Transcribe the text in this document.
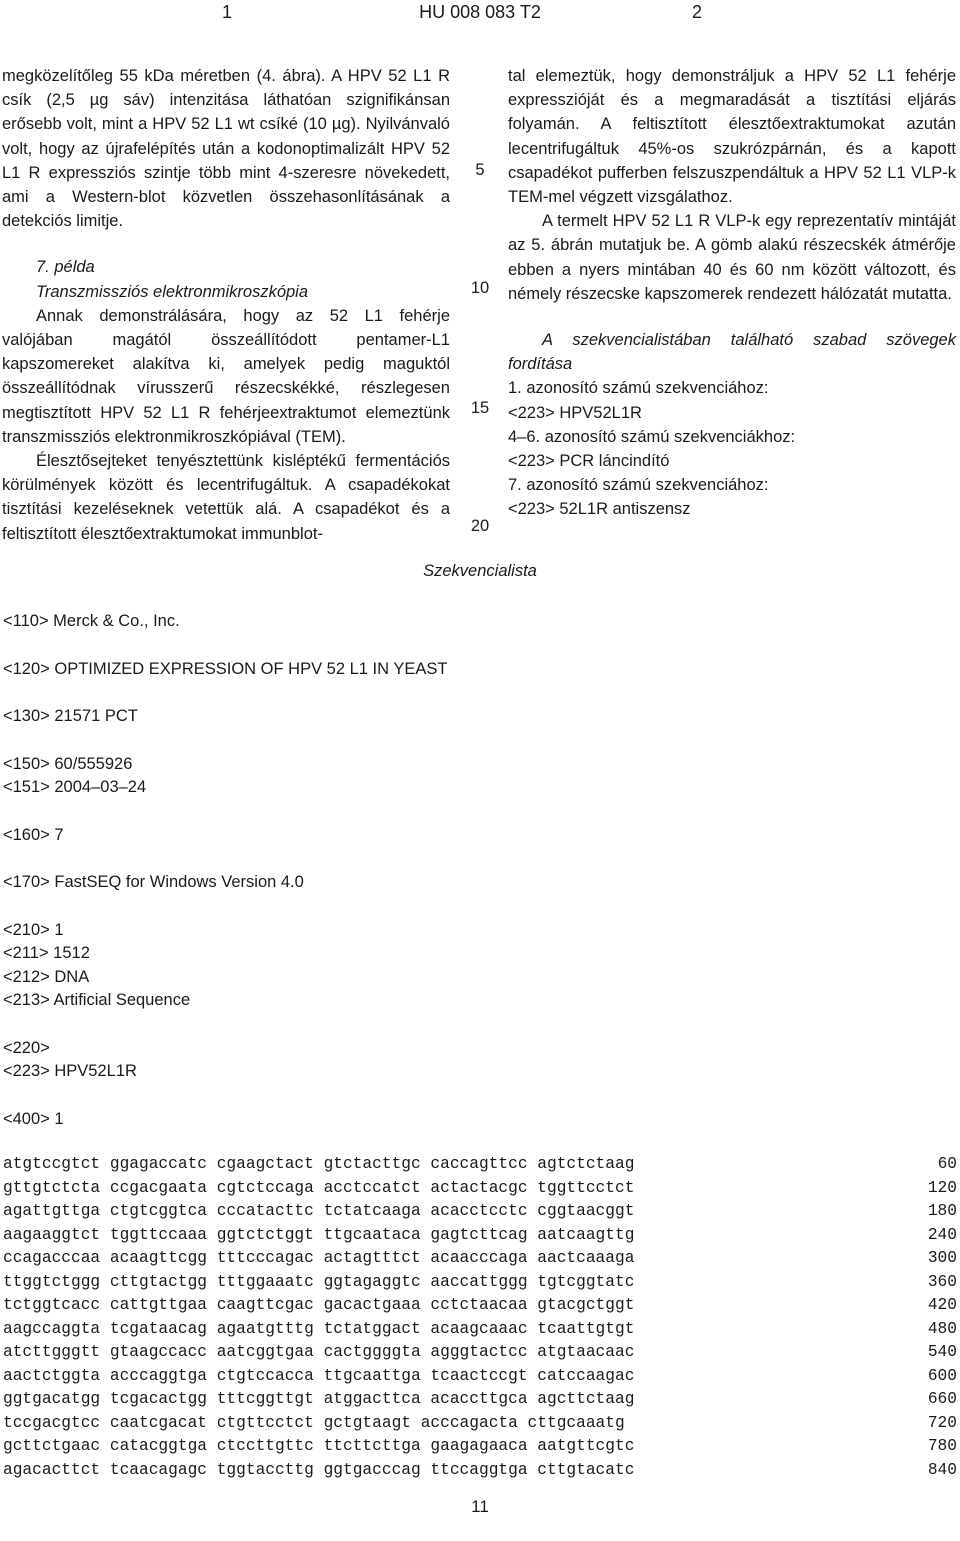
1	HU 008 083 T2	2

megközelítőleg 55 kDa méretben (4. ábra). A HPV 52 L1 R csík (2,5 µg sáv) intenzitása láthatóan szignifikánsan erősebb volt, mint a HPV 52 L1 wt csíké (10 µg). Nyilvánvaló volt, hogy az újrafelépítés után a kodonoptimalizált HPV 52 L1 R expressziós szintje több mint 4-szeresre növekedett, ami a Western-blot közvetlen összehasonlításának a detekciós limitje.

7. példa

Transzmissziós elektronmikroszkópia

Annak demonstrálására, hogy az 52 L1 fehérje valójában magától összeállítódott pentamer-L1 kapszomereket alakítva ki, amelyek pedig maguktól összeállítódnak vírusszerű részecskékké, részlegesen megtisztított HPV 52 L1 R fehérjeextraktumot elemeztünk transzmissziós elektronmikroszkópiával (TEM).

Élesztősejteket tenyésztettünk kisléptékű fermentációs körülmények között és lecentrifugáltuk. A csapadékokat tisztítási kezeléseknek vetettük alá. A csapadékot és a feltisztított élesztőextraktumokat immunblot-

5
10
15
20

tal elemeztük, hogy demonstráljuk a HPV 52 L1 fehérje expresszióját és a megmaradását a tisztítási eljárás folyamán. A feltisztított élesztőextraktumokat azután lecentrifugáltuk 45%-os szukrózpárnán, és a kapott csapadékot pufferben felszuszpendáltuk a HPV 52 L1 VLP-k TEM-mel végzett vizsgálathoz.

A termelt HPV 52 L1 R VLP-k egy reprezentatív mintáját az 5. ábrán mutatjuk be. A gömb alakú részecskék átmérője ebben a nyers mintában 40 és 60 nm között változott, és némely részecske kapszomerek rendezett hálózatát mutatta.

A szekvencialistában található szabad szövegek fordítása

1. azonosító számú szekvenciához:

<223> HPV52L1R

4–6. azonosító számú szekvenciákhoz:

<223> PCR láncindító

7. azonosító számú szekvenciához:

<223> 52L1R antiszensz

Szekvencialista
<110> Merck & Co., Inc.
<120> OPTIMIZED EXPRESSION OF HPV 52 L1 IN YEAST
<130> 21571 PCT
<150> 60/555926
<151> 2004–03–24
<160> 7
<170> FastSEQ for Windows Version 4.0
<210> 1
<211> 1512
<212> DNA
<213> Artificial Sequence
<220>
<223> HPV52L1R
<400> 1
atgtccgtct ggagaccatc cgaagctact gtctacttgc caccagttcc agtctctaag	60
gttgtctcta ccgacgaata cgtctccaga acctccatct actactacgc tggttcctct	120
agattgttga ctgtcggtca cccatacttc tctatcaaga acacctcctc cggtaacggt	180
aagaaggtct tggttccaaa ggtctctggt ttgcaataca gagtcttcag aatcaagttg	240
ccagacccaa acaagttcgg tttcccagac actagtttct acaacccaga aactcaaaga	300
ttggtctggg cttgtactgg tttggaaatc ggtagaggtc aaccattggg tgtcggtatc	360
tctggtcacc cattgttgaa caagttcgac gacactgaaa cctctaacaa gtacgctggt	420
aagccaggta tcgataacag agaatgtttg tctatggact acaagcaaac tcaattgtgt	480
atcttgggtt gtaagccacc aatcggtgaa cactggggta agggtactcc atgtaacaac	540
aactctggta acccaggtga ctgtccacca ttgcaattga tcaactccgt catccaagac	600
ggtgacatgg tcgacactgg tttcggttgt atggacttca acaccttgca agcttctaag	660
tccgacgtcc caatcgacat ctgttcctct gctgtaagt acccagacta cttgcaaatg	720
gcttctgaac catacggtga ctccttgttc ttcttcttga gaagagaaca aatgttcgtc	780
agacacttct tcaacagagc tggtaccttg ggtgacccag ttccaggtga cttgtacatc	840
11
